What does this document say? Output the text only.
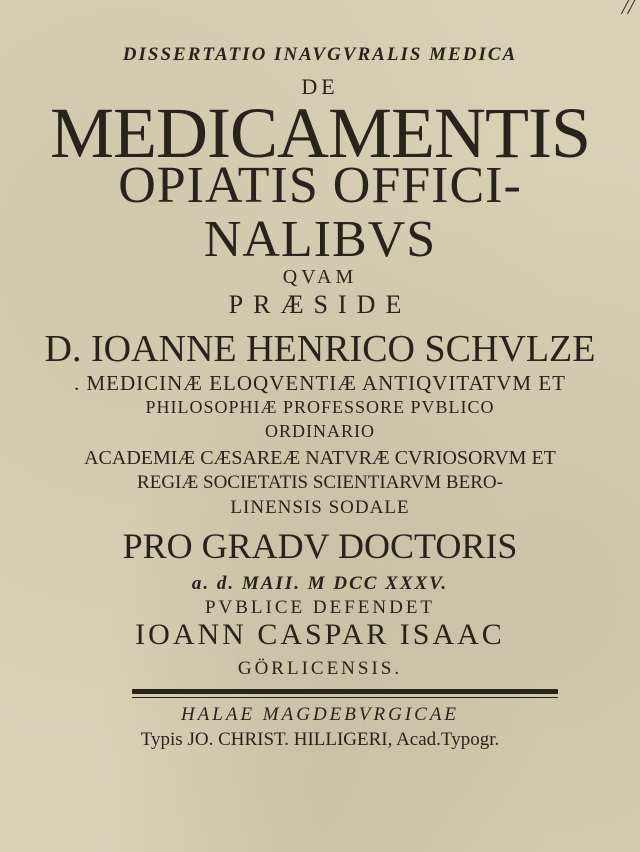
//
DISSERTATIO INAVGVRALIS MEDICA
DE
MEDICAMENTIS
OPIATIS OFFICI-
NALIBVS
QVAM
PRÆSIDE
D. IOANNE HENRICO SCHVLZE
. MEDICINÆ ELOQVENTIÆ ANTIQVITATVM ET
PHILOSOPHIÆ PROFESSORE PVBLICO
ORDINARIO
ACADEMIÆ CÆSAREÆ NATVRÆ CVRIOSORVM ET
REGIÆ SOCIETATIS SCIENTIARVM BERO-
LINENSIS SODALE
PRO GRADV DOCTORIS
a. d. MAII. M DCC XXXV.
PVBLICE DEFENDET
IOANN CASPAR ISAAC
GÖRLICENSIS.
HALAE MAGDEBVRGICAE
Typis JO. CHRIST. HILLIGERI, Acad.Typogr.
